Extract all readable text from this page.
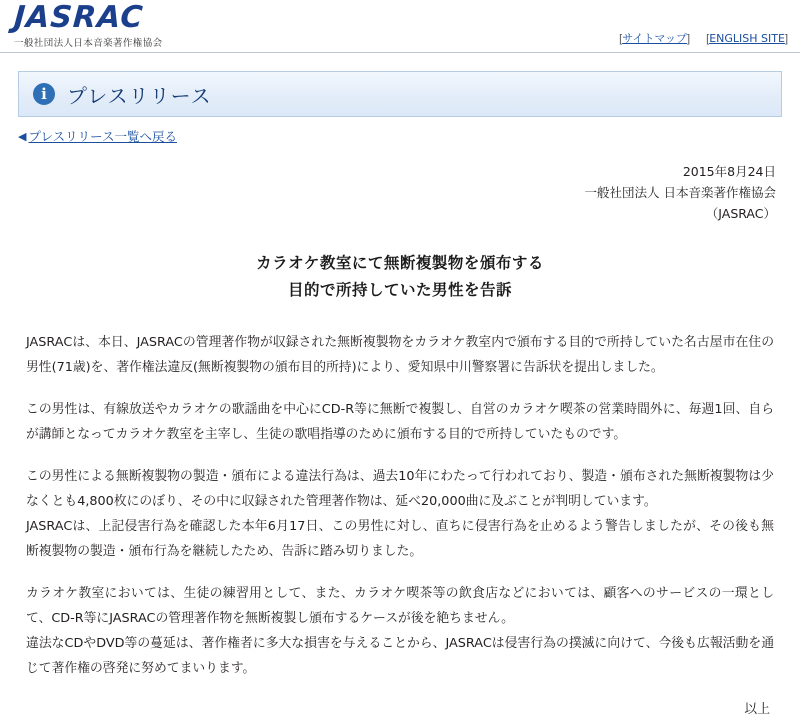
JASRAC
一般社団法人日本音楽著作権協会	[サイトマップ] [ENGLISH SITE]
i	プレスリリース
◀ プレスリリース一覧へ戻る
2015年8月24日
一般社団法人 日本音楽著作権協会
（JASRAC）
カラオケ教室にて無断複製物を頒布する
目的で所持していた男性を告訴

JASRACは、本日、JASRACの管理著作物が収録された無断複製物をカラオケ教室内で頒布する目的で所持していた名古屋市在住の男性(71歳)を、著作権法違反(無断複製物の頒布目的所持)により、愛知県中川警察署に告訴状を提出しました。

この男性は、有線放送やカラオケの歌謡曲を中心にCD-R等に無断で複製し、自営のカラオケ喫茶の営業時間外に、毎週1回、自らが講師となってカラオケ教室を主宰し、生徒の歌唱指導のために頒布する目的で所持していたものです。

この男性による無断複製物の製造・頒布による違法行為は、過去10年にわたって行われており、製造・頒布された無断複製物は少なくとも4,800枚にのぼり、その中に収録された管理著作物は、延べ20,000曲に及ぶことが判明しています。

JASRACは、上記侵害行為を確認した本年6月17日、この男性に対し、直ちに侵害行為を止めるよう警告しましたが、その後も無断複製物の製造・頒布行為を継続したため、告訴に踏み切りました。

カラオケ教室においては、生徒の練習用として、また、カラオケ喫茶等の飲食店などにおいては、顧客へのサービスの一環として、CD-R等にJASRACの管理著作物を無断複製し頒布するケースが後を絶ちません。

違法なCDやDVD等の蔓延は、著作権者に多大な損害を与えることから、JASRACは侵害行為の撲滅に向けて、今後も広報活動を通じて著作権の啓発に努めてまいります。

以上
